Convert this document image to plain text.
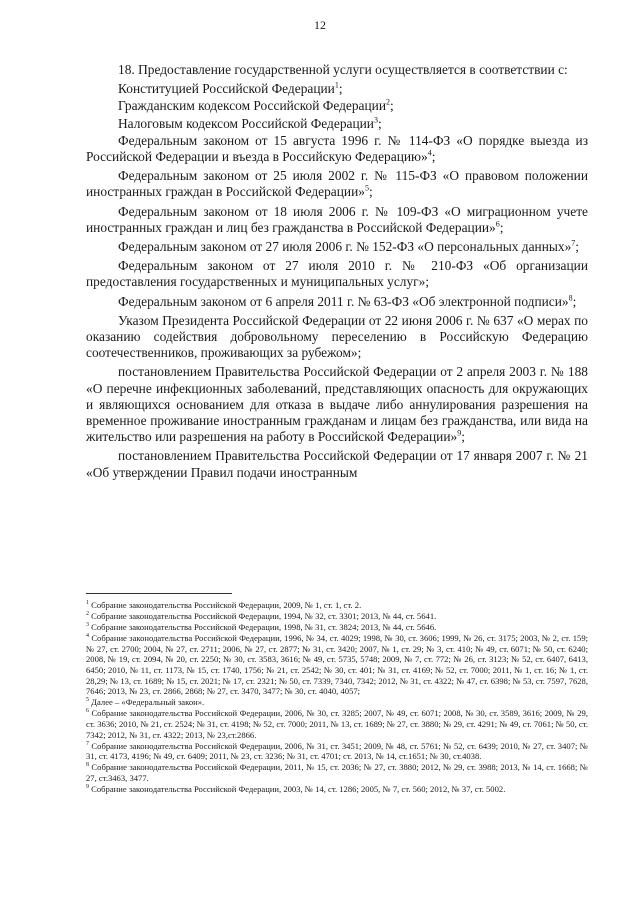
12

18. Предоставление государственной услуги осуществляется в соответствии с:

Конституцией Российской Федерации$^1$;

Гражданским кодексом Российской Федерации$^2$;

Налоговым кодексом Российской Федерации$^3$;

Федеральным законом от 15 августа 1996 г. № 114-ФЗ «О порядке выезда из Российской Федерации и въезда в Российскую Федерацию»$^4$;

Федеральным законом от 25 июля 2002 г. № 115-ФЗ «О правовом положении иностранных граждан в Российской Федерации»$^5$;

Федеральным законом от 18 июля 2006 г. № 109-ФЗ «О миграционном учете иностранных граждан и лиц без гражданства в Российской Федерации»$^6$;

Федеральным законом от 27 июля 2006 г. № 152-ФЗ «О персональных данных»$^7$;

Федеральным законом от 27 июля 2010 г. № 210-ФЗ «Об организации предоставления государственных и муниципальных услуг»;

Федеральным законом от 6 апреля 2011 г. № 63-ФЗ «Об электронной подписи»$^8$;

Указом Президента Российской Федерации от 22 июня 2006 г. № 637 «О мерах по оказанию содействия добровольному переселению в Российскую Федерацию соотечественников, проживающих за рубежом»;

постановлением Правительства Российской Федерации от 2 апреля 2003 г. № 188 «О перечне инфекционных заболеваний, представляющих опасность для окружающих и являющихся основанием для отказа в выдаче либо аннулирования разрешения на временное проживание иностранным гражданам и лицам без гражданства, или вида на жительство или разрешения на работу в Российской Федерации»$^9$;

постановлением Правительства Российской Федерации от 17 января 2007 г. № 21 «Об утверждении Правил подачи иностранным

$^1$ Собрание законодательства Российской Федерации, 2009, № 1, ст. 1, ст. 2.

$^2$ Собрание законодательства Российской Федерации, 1994, № 32, ст. 3301; 2013, № 44, ст. 5641.

$^3$ Собрание законодательства Российской Федерации, 1998, № 31, ст. 3824; 2013, № 44, ст. 5646.

$^4$ Собрание законодательства Российской Федерации, 1996, № 34, ст. 4029; 1998, № 30, ст. 3606; 1999, № 26, ст. 3175; 2003, № 2, ст. 159; № 27, ст. 2700; 2004, № 27, ст. 2711; 2006, № 27, ст. 2877; № 31, ст. 3420; 2007, № 1, ст. 29; № 3, ст. 410; № 49, ст. 6071; № 50, ст. 6240; 2008, № 19, ст. 2094, № 20, ст. 2250; № 30, ст. 3583, 3616; № 49, ст. 5735, 5748; 2009, № 7, ст. 772; № 26, ст. 3123; № 52, ст. 6407, 6413, 6450; 2010, № 11, ст. 1173, № 15, ст. 1740, 1756; № 21, ст. 2542; № 30, ст. 401; № 31, ст. 4169; № 52, ст. 7000; 2011, № 1, ст. 16; № 1, ст. 28,29; № 13, ст. 1689; № 15, ст. 2021; № 17, ст. 2321; № 50, ст. 7339, 7340, 7342; 2012, № 31, ст. 4322; № 47, ст. 6398; № 53, ст. 7597, 7628, 7646; 2013, № 23, ст. 2866, 2868; № 27, ст. 3470, 3477; № 30, ст. 4040, 4057;

$^5$ Далее – «Федеральный закон».

$^6$ Собрание законодательства Российской Федерации, 2006, № 30, ст. 3285; 2007, № 49, ст. 6071; 2008, № 30, ст. 3589, 3616; 2009, № 29, ст. 3636; 2010, № 21, ст. 2524; № 31, ст. 4198; № 52, ст. 7000; 2011, № 13, ст. 1689; № 27, ст. 3880; № 29, ст. 4291; № 49, ст. 7061; № 50, ст. 7342; 2012, № 31, ст. 4322; 2013, № 23,ст.2866.

$^7$ Собрание законодательства Российской Федерации, 2006, № 31, ст. 3451; 2009, № 48, ст. 5761; № 52, ст. 6439; 2010, № 27, ст. 3407; № 31, ст. 4173, 4196; № 49, ст. 6409; 2011, № 23, ст. 3236; № 31, ст. 4701; ст. 2013, № 14, ст.1651; № 30, ст.4038.

$^8$ Собрание законодательства Российской Федерации, 2011, № 15, ст. 2036; № 27, ст. 3880; 2012, № 29, ст. 3988; 2013, № 14, ст. 1668; № 27, ст.3463, 3477.

$^9$ Собрание законодательства Российской Федерации, 2003, № 14, ст. 1286; 2005, № 7, ст. 560; 2012, № 37, ст. 5002.
